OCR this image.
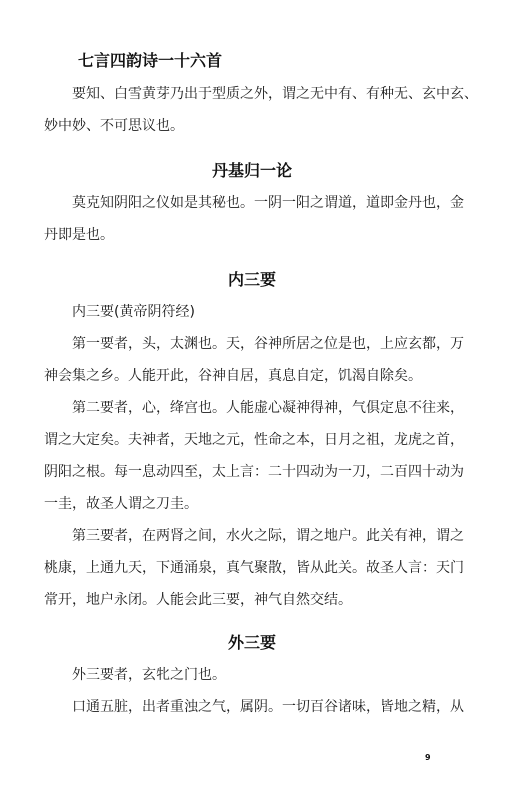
七言四韵诗一十六首
要知、白雪黄芽乃出于型质之外，谓之无中有、有种无、玄中玄、
妙中妙、不可思议也。
丹基归一论
莫克知阴阳之仪如是其秘也。一阴一阳之谓道，道即金丹也，金
丹即是也。
内三要
内三要(黄帝阴符经)
第一要者，头，太渊也。天，谷神所居之位是也，上应玄都，万
神会集之乡。人能开此，谷神自居，真息自定，饥渴自除矣。
第二要者，心，绛宫也。人能虚心凝神得神，气俱定息不往来，
谓之大定矣。夫神者，天地之元，性命之本，日月之祖，龙虎之首，
阴阳之根。每一息动四至，太上言：二十四动为一刀，二百四十动为
一圭，故圣人谓之刀圭。
第三要者，在两肾之间，水火之际，谓之地户。此关有神，谓之
桃康，上通九天，下通涌泉，真气聚散，皆从此关。故圣人言：天门
常开，地户永闭。人能会此三要，神气自然交结。
外三要
外三要者，玄牝之门也。
口通五脏，出者重浊之气，属阴。一切百谷诸味，皆地之精，从
9
